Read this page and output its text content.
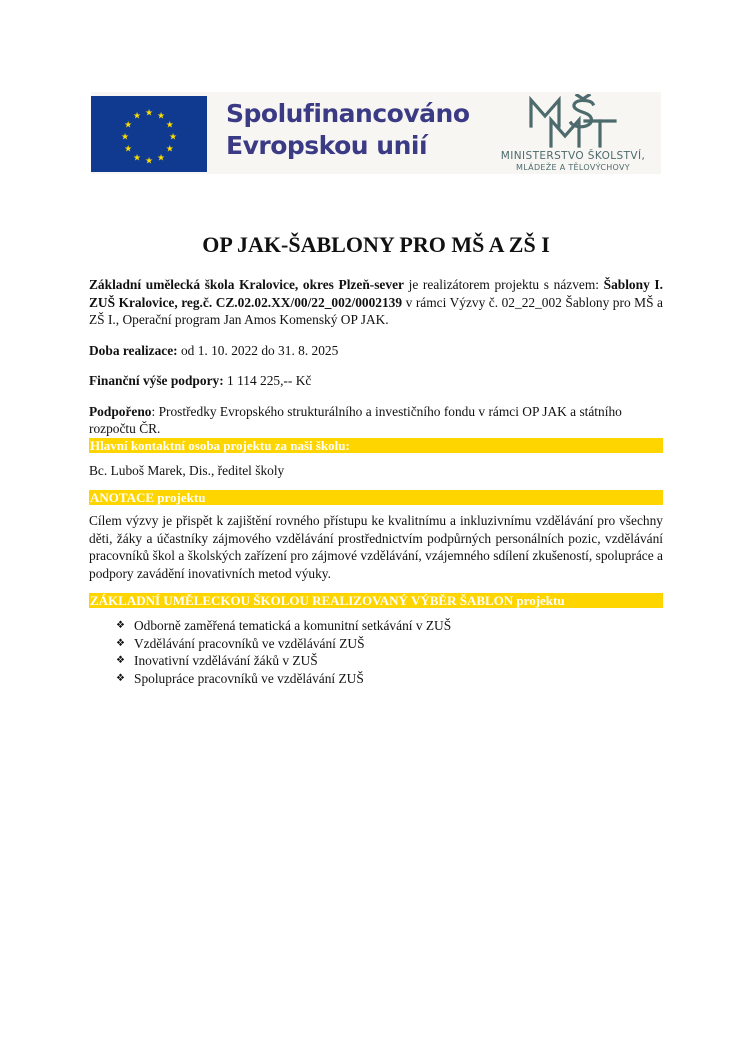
★ ★
★
★
★
★
★
★
★
★
★
★	Spolufinancováno
Evropskou unií	MINISTERSTVO ŠKOLSTVÍ,
MLÁDEŽE A TĚLOVÝCHOVY
OP JAK-ŠABLONY PRO MŠ A ZŠ I

Základní umělecká škola Kralovice, okres Plzeň-sever je realizátorem projektu s názvem: Šablony I. ZUŠ Kralovice, reg.č. CZ.02.02.XX/00/22_002/0002139 v rámci Výzvy č. 02_22_002 Šablony pro MŠ a ZŠ I., Operační program Jan Amos Komenský OP JAK.

Doba realizace: od 1. 10. 2022 do 31. 8. 2025

Finanční výše podpory: 1 114 225,-- Kč

Podpořeno: Prostředky Evropského strukturálního a investičního fondu v rámci OP JAK a státního rozpočtu ČR.

Hlavní kontaktní osoba projektu za naši školu:

Bc. Luboš Marek, Dis., ředitel školy

ANOTACE projektu

Cílem výzvy je přispět k zajištění rovného přístupu ke kvalitnímu a inkluzivnímu vzdělávání pro všechny děti, žáky a účastníky zájmového vzdělávání prostřednictvím podpůrných personálních pozic, vzdělávání pracovníků škol a školských zařízení pro zájmové vzdělávání, vzájemného sdílení zkušeností, spolupráce a podpory zavádění inovativních metod výuky.

ZÁKLADNÍ UMĚLECKOU ŠKOLOU REALIZOVANÝ VÝBĚR ŠABLON projektu
❖ Odborně zaměřená tematická a komunitní setkávání v ZUŠ
❖ Vzdělávání pracovníků ve vzdělávání ZUŠ
❖ Inovativní vzdělávání žáků v ZUŠ
❖ Spolupráce pracovníků ve vzdělávání ZUŠ
